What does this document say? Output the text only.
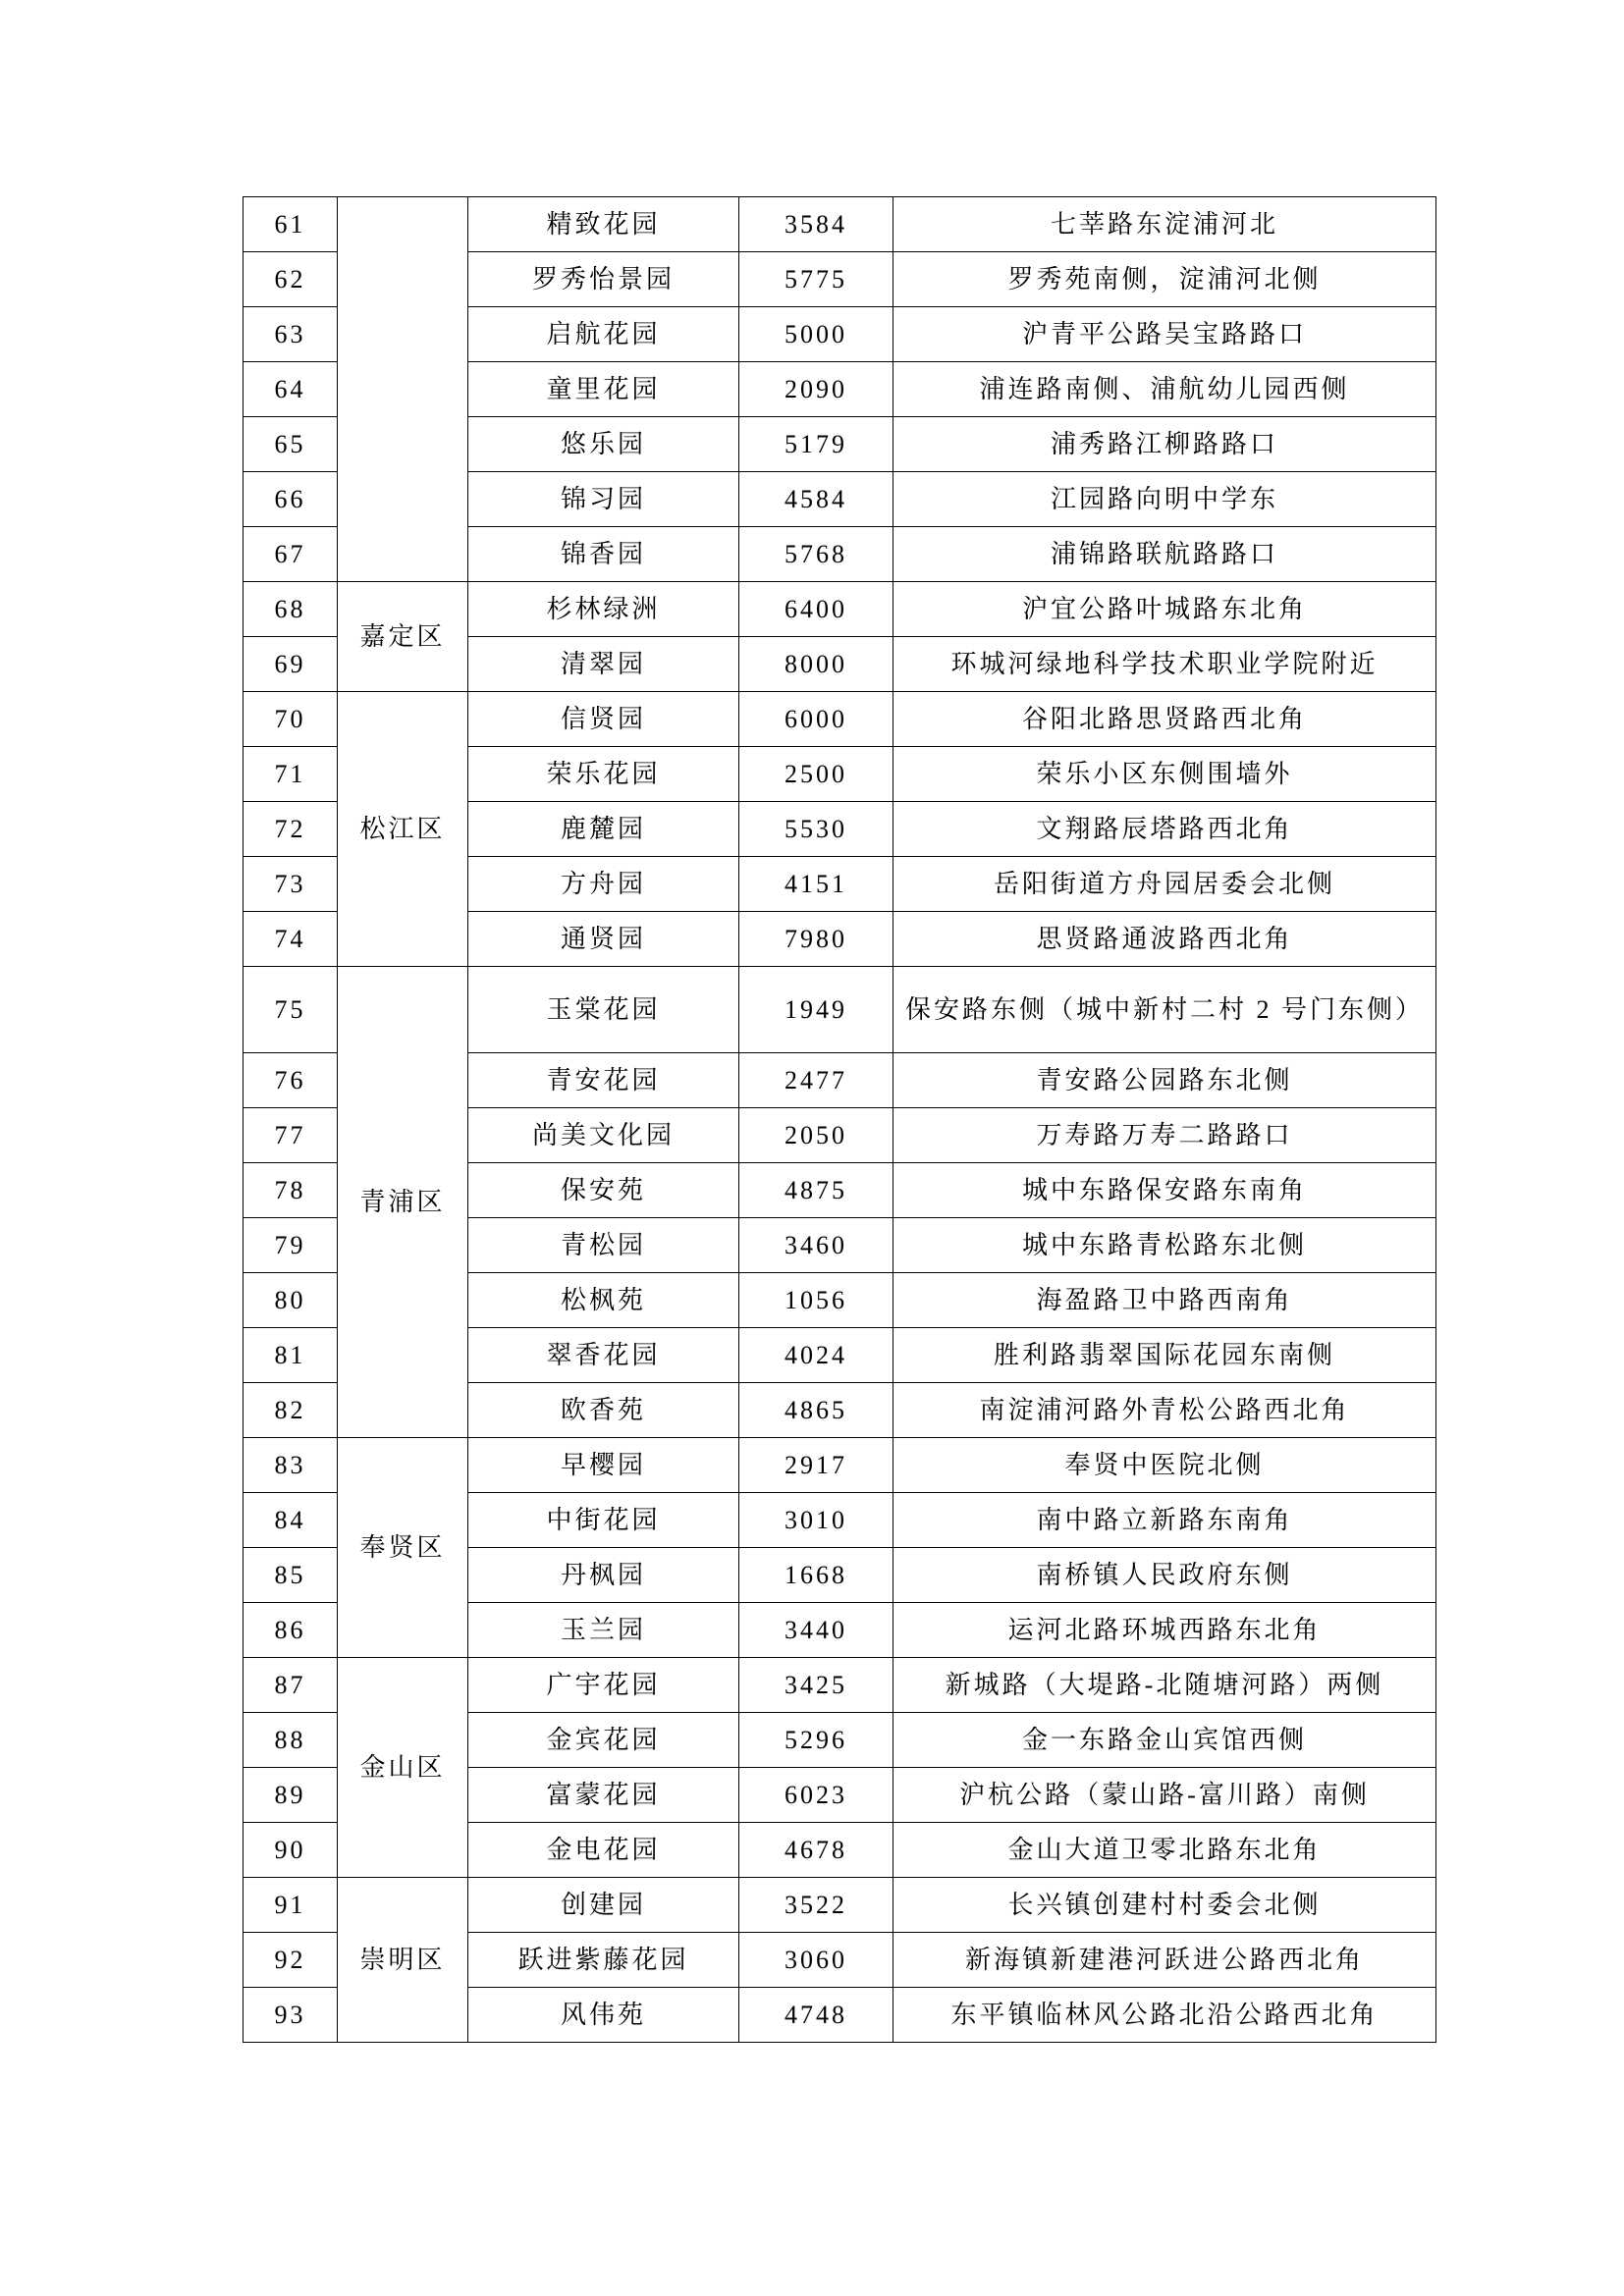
61		精致花园	3584	七莘路东淀浦河北
62		罗秀怡景园	5775	罗秀苑南侧，淀浦河北侧
63		启航花园	5000	沪青平公路吴宝路路口
64		童里花园	2090	浦连路南侧、浦航幼儿园西侧
65		悠乐园	5179	浦秀路江柳路路口
66		锦习园	4584	江园路向明中学东
67		锦香园	5768	浦锦路联航路路口
68	嘉定区	杉林绿洲	6400	沪宜公路叶城路东北角
69		清翠园	8000	环城河绿地科学技术职业学院附近
70	松江区	信贤园	6000	谷阳北路思贤路西北角
71		荣乐花园	2500	荣乐小区东侧围墙外
72		鹿麓园	5530	文翔路辰塔路西北角
73		方舟园	4151	岳阳街道方舟园居委会北侧
74		通贤园	7980	思贤路通波路西北角
75	青浦区	玉棠花园	1949	保安路东侧（城中新村二村 2 号门东侧）
76		青安花园	2477	青安路公园路东北侧
77		尚美文化园	2050	万寿路万寿二路路口
78		保安苑	4875	城中东路保安路东南角
79		青松园	3460	城中东路青松路东北侧
80		松枫苑	1056	海盈路卫中路西南角
81		翠香花园	4024	胜利路翡翠国际花园东南侧
82		欧香苑	4865	南淀浦河路外青松公路西北角
83	奉贤区	早樱园	2917	奉贤中医院北侧
84		中街花园	3010	南中路立新路东南角
85		丹枫园	1668	南桥镇人民政府东侧
86		玉兰园	3440	运河北路环城西路东北角
87	金山区	广宇花园	3425	新城路（大堤路-北随塘河路）两侧
88		金宾花园	5296	金一东路金山宾馆西侧
89		富蒙花园	6023	沪杭公路（蒙山路-富川路）南侧
90		金电花园	4678	金山大道卫零北路东北角
91	崇明区	创建园	3522	长兴镇创建村村委会北侧
92		跃进紫藤花园	3060	新海镇新建港河跃进公路西北角
93		风伟苑	4748	东平镇临林风公路北沿公路西北角
